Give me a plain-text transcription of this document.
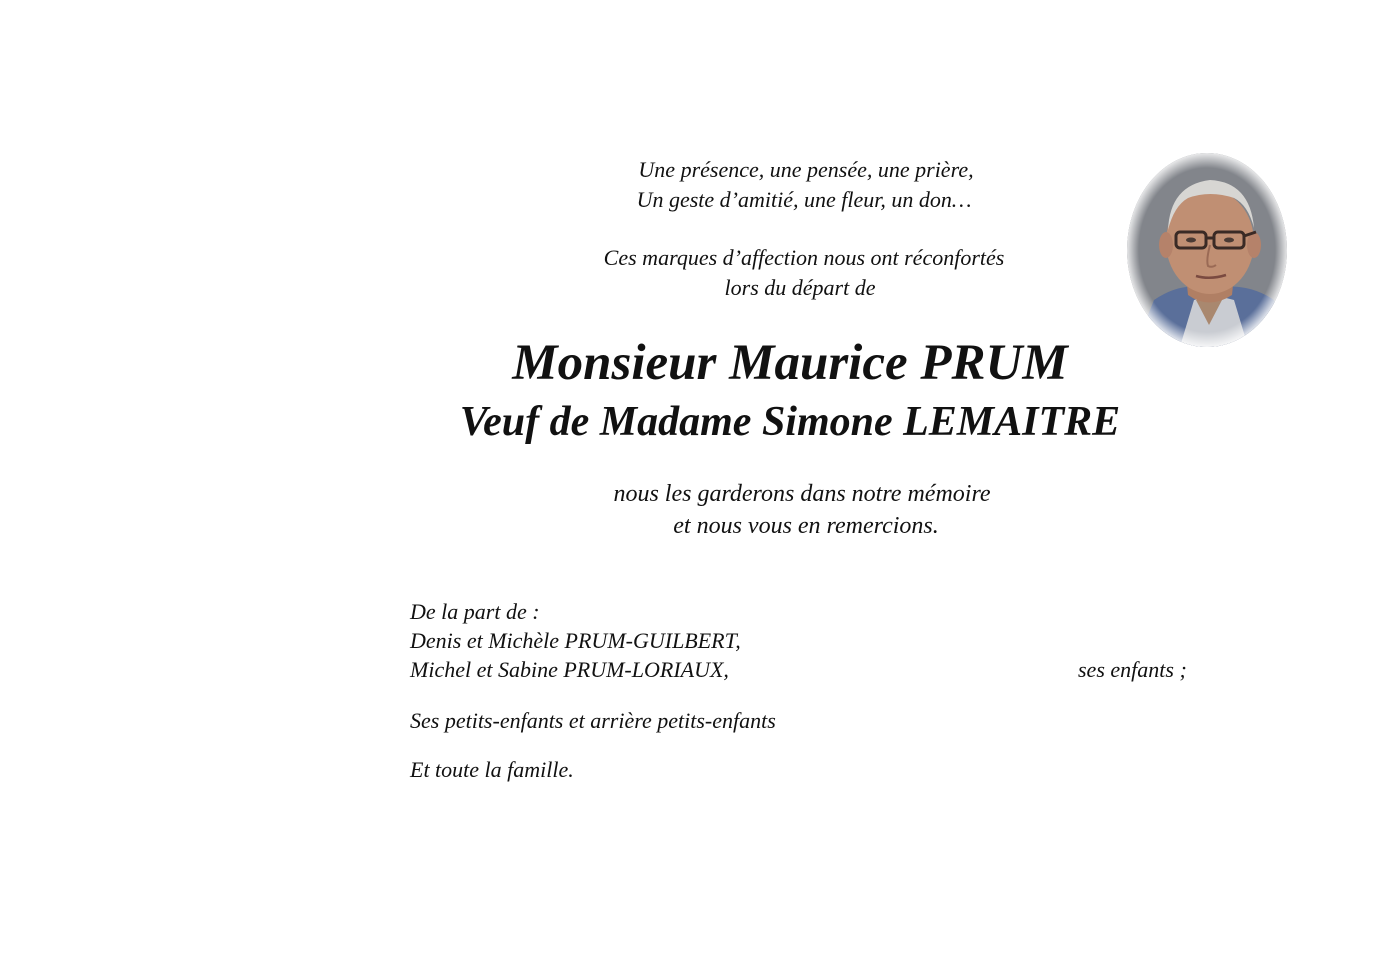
Une présence, une pensée, une prière,
Un geste d’amitié, une fleur, un don…
Ces marques d’affection nous ont réconfortés
lors du départ de
Monsieur Maurice PRUM
Veuf de Madame Simone LEMAITRE
nous les garderons dans notre mémoire
et nous vous en remercions.
De la part de :
Denis et Michèle PRUM-GUILBERT,
Michel et Sabine PRUM-LORIAUX,	ses enfants ;
Ses petits-enfants et arrière petits-enfants
Et toute la famille.
